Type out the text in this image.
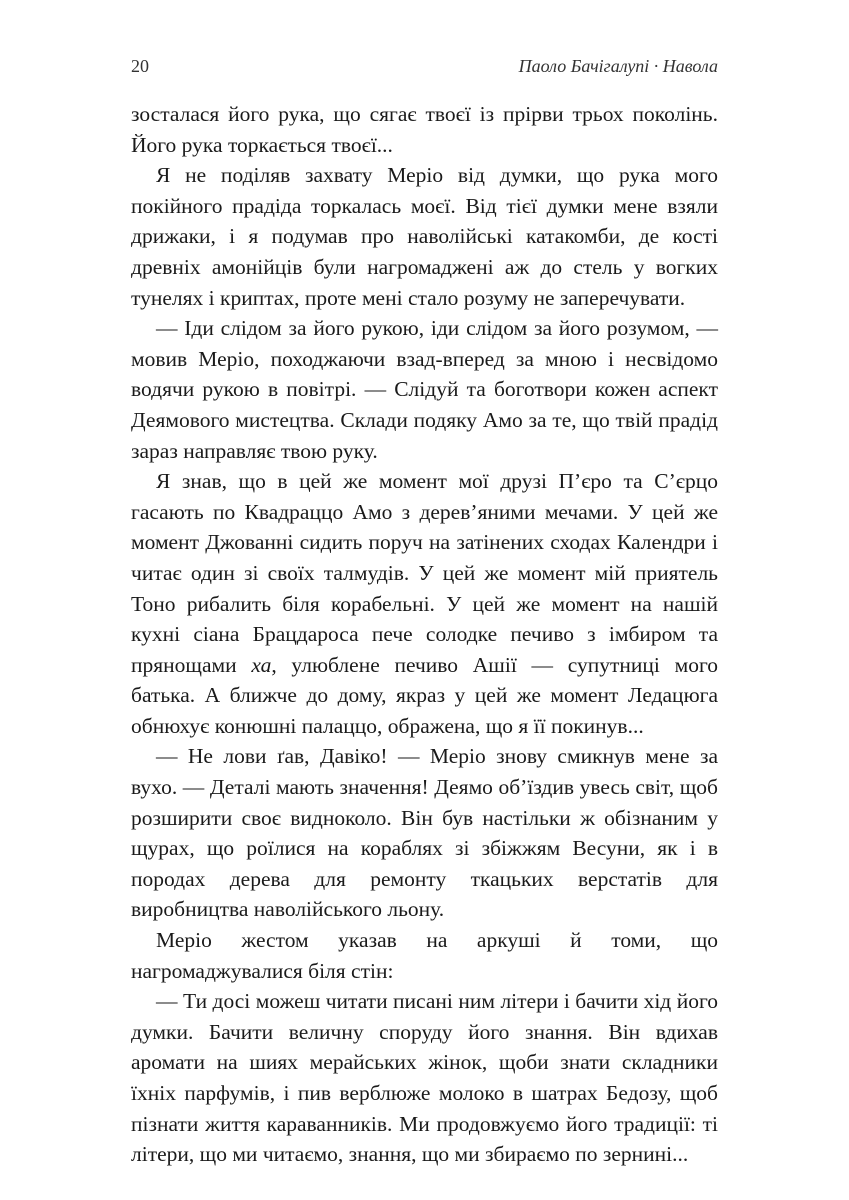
20	Паоло Бачігалупі · Навола

зосталася його рука, що сягає твоєї із прірви трьох поколінь. Його рука торкається твоєї...

Я не поділяв захвату Меріо від думки, що рука мого покійного прадіда торкалась моєї. Від тієї думки мене взяли дрижаки, і я подумав про наволійські катакомби, де кості древніх амонійців були нагромаджені аж до стель у вогких тунелях і криптах, проте мені стало розуму не заперечувати.

— Іди слідом за його рукою, іди слідом за його розумом, — мовив Меріо, походжаючи взад-вперед за мною і несвідомо водячи рукою в повітрі. — Слідуй та боготвори кожен аспект Деямового мистецтва. Склади подяку Амо за те, що твій прадід зараз направляє твою руку.

Я знав, що в цей же момент мої друзі П’єро та С’єрцо гасають по Квадраццо Амо з дерев’яними мечами. У цей же момент Джованні сидить поруч на затінених сходах Календри і читає один зі своїх талмудів. У цей же момент мій приятель Тоно рибалить біля корабельні. У цей же момент на нашій кухні сіана Брацдароса пече солодке печиво з імбиром та прянощами ха, улюблене печиво Ашії — супутниці мого батька. А ближче до дому, якраз у цей же момент Ледацюга обнюхує конюшні палаццо, ображена, що я її покинув...

— Не лови ґав, Давіко! — Меріо знову смикнув мене за вухо. — Деталі мають значення! Деямо об’їздив увесь світ, щоб розширити своє видноколо. Він був настільки ж обізнаним у щурах, що роїлися на кораблях зі збіжжям Весуни, як і в породах дерева для ремонту ткацьких верстатів для виробництва наволійського льону.

Меріо жестом указав на аркуші й томи, що нагромаджувалися біля стін:

— Ти досі можеш читати писані ним літери і бачити хід його думки. Бачити величну споруду його знання. Він вдихав аромати на шиях мерайських жінок, щоби знати складники їхніх парфумів, і пив верблюже молоко в шатрах Бедозу, щоб пізнати життя караванників. Ми продовжуємо його традиції: ті літери, що ми читаємо, знання, що ми збираємо по зернині...
